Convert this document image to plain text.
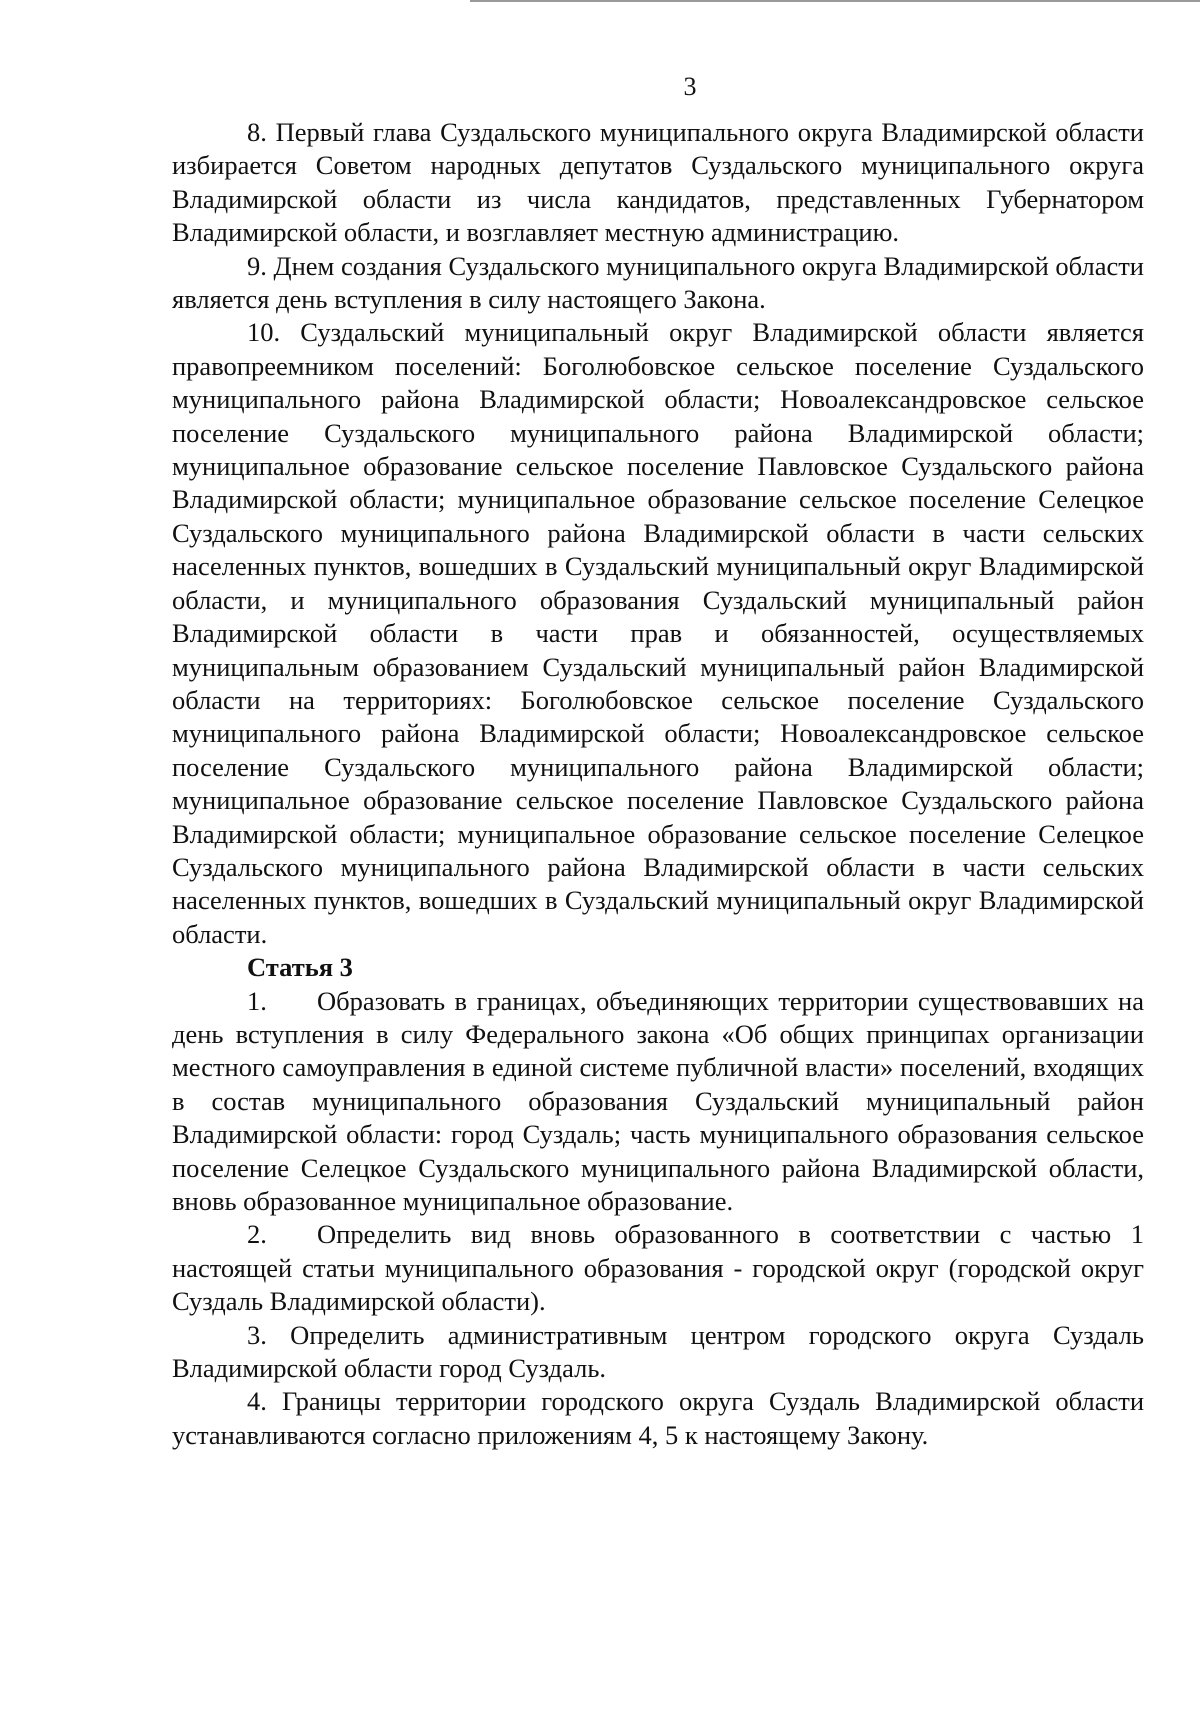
3

8. Первый глава Суздальского муниципального округа Владимирской области избирается Советом народных депутатов Суздальского муниципального округа Владимирской области из числа кандидатов, представленных Губернатором Владимирской области, и возглавляет местную администрацию.

9. Днем создания Суздальского муниципального округа Владимирской области является день вступления в силу настоящего Закона.

10. Суздальский муниципальный округ Владимирской области является правопреемником поселений: Боголюбовское сельское поселение Суздальского муниципального района Владимирской области; Новоалександровское сельское поселение Суздальского муниципального района Владимирской области; муниципальное образование сельское поселение Павловское Суздальского района Владимирской области; муниципальное образование сельское поселение Селецкое Суздальского муниципального района Владимирской области в части сельских населенных пунктов, вошедших в Суздальский муниципальный округ Владимирской области, и муниципального образования Суздальский муниципальный район Владимирской области в части прав и обязанностей, осуществляемых муниципальным образованием Суздальский муниципальный район Владимирской области на территориях: Боголюбовское сельское поселение Суздальского муниципального района Владимирской области; Новоалександровское сельское поселение Суздальского муниципального района Владимирской области; муниципальное образование сельское поселение Павловское Суздальского района Владимирской области; муниципальное образование сельское поселение Селецкое Суздальского муниципального района Владимирской области в части сельских населенных пунктов, вошедших в Суздальский муниципальный округ Владимирской области.

Статья 3

1. Образовать в границах, объединяющих территории существовавших на день вступления в силу Федерального закона «Об общих принципах организации местного самоуправления в единой системе публичной власти» поселений, входящих в состав муниципального образования Суздальский муниципальный район Владимирской области: город Суздаль; часть муниципального образования сельское поселение Селецкое Суздальского муниципального района Владимирской области, вновь образованное муниципальное образование.

2. Определить вид вновь образованного в соответствии с частью 1 настоящей статьи муниципального образования - городской округ (городской округ Суздаль Владимирской области).

3. Определить административным центром городского округа Суздаль Владимирской области город Суздаль.

4. Границы территории городского округа Суздаль Владимирской области устанавливаются согласно приложениям 4, 5 к настоящему Закону.
